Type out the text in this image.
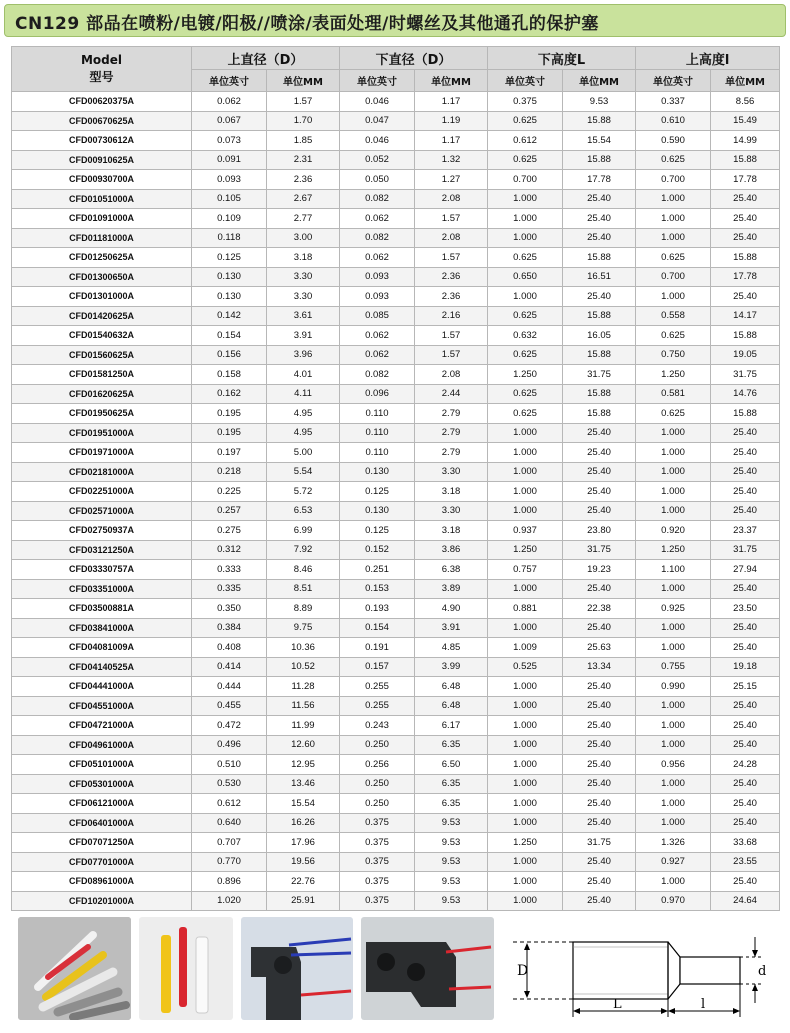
CN129 部品在喷粉/电镀/阳极//喷涂/表面处理/时螺丝及其他通孔的保护塞
Model
型号	上直径（D）		下直径（D）		下高度L		上高度l	
	单位英寸	单位MM	单位英寸	单位MM	单位英寸	单位MM	单位英寸	单位MM
CFD00620375A	0.062	1.57	0.046	1.17	0.375	9.53	0.337	8.56
CFD00670625A	0.067	1.70	0.047	1.19	0.625	15.88	0.610	15.49
CFD00730612A	0.073	1.85	0.046	1.17	0.612	15.54	0.590	14.99
CFD00910625A	0.091	2.31	0.052	1.32	0.625	15.88	0.625	15.88
CFD00930700A	0.093	2.36	0.050	1.27	0.700	17.78	0.700	17.78
CFD01051000A	0.105	2.67	0.082	2.08	1.000	25.40	1.000	25.40
CFD01091000A	0.109	2.77	0.062	1.57	1.000	25.40	1.000	25.40
CFD01181000A	0.118	3.00	0.082	2.08	1.000	25.40	1.000	25.40
CFD01250625A	0.125	3.18	0.062	1.57	0.625	15.88	0.625	15.88
CFD01300650A	0.130	3.30	0.093	2.36	0.650	16.51	0.700	17.78
CFD01301000A	0.130	3.30	0.093	2.36	1.000	25.40	1.000	25.40
CFD01420625A	0.142	3.61	0.085	2.16	0.625	15.88	0.558	14.17
CFD01540632A	0.154	3.91	0.062	1.57	0.632	16.05	0.625	15.88
CFD01560625A	0.156	3.96	0.062	1.57	0.625	15.88	0.750	19.05
CFD01581250A	0.158	4.01	0.082	2.08	1.250	31.75	1.250	31.75
CFD01620625A	0.162	4.11	0.096	2.44	0.625	15.88	0.581	14.76
CFD01950625A	0.195	4.95	0.110	2.79	0.625	15.88	0.625	15.88
CFD01951000A	0.195	4.95	0.110	2.79	1.000	25.40	1.000	25.40
CFD01971000A	0.197	5.00	0.110	2.79	1.000	25.40	1.000	25.40
CFD02181000A	0.218	5.54	0.130	3.30	1.000	25.40	1.000	25.40
CFD02251000A	0.225	5.72	0.125	3.18	1.000	25.40	1.000	25.40
CFD02571000A	0.257	6.53	0.130	3.30	1.000	25.40	1.000	25.40
CFD02750937A	0.275	6.99	0.125	3.18	0.937	23.80	0.920	23.37
CFD03121250A	0.312	7.92	0.152	3.86	1.250	31.75	1.250	31.75
CFD03330757A	0.333	8.46	0.251	6.38	0.757	19.23	1.100	27.94
CFD03351000A	0.335	8.51	0.153	3.89	1.000	25.40	1.000	25.40
CFD03500881A	0.350	8.89	0.193	4.90	0.881	22.38	0.925	23.50
CFD03841000A	0.384	9.75	0.154	3.91	1.000	25.40	1.000	25.40
CFD04081009A	0.408	10.36	0.191	4.85	1.009	25.63	1.000	25.40
CFD04140525A	0.414	10.52	0.157	3.99	0.525	13.34	0.755	19.18
CFD04441000A	0.444	11.28	0.255	6.48	1.000	25.40	0.990	25.15
CFD04551000A	0.455	11.56	0.255	6.48	1.000	25.40	1.000	25.40
CFD04721000A	0.472	11.99	0.243	6.17	1.000	25.40	1.000	25.40
CFD04961000A	0.496	12.60	0.250	6.35	1.000	25.40	1.000	25.40
CFD05101000A	0.510	12.95	0.256	6.50	1.000	25.40	0.956	24.28
CFD05301000A	0.530	13.46	0.250	6.35	1.000	25.40	1.000	25.40
CFD06121000A	0.612	15.54	0.250	6.35	1.000	25.40	1.000	25.40
CFD06401000A	0.640	16.26	0.375	9.53	1.000	25.40	1.000	25.40
CFD07071250A	0.707	17.96	0.375	9.53	1.250	31.75	1.326	33.68
CFD07701000A	0.770	19.56	0.375	9.53	1.000	25.40	0.927	23.55
CFD08961000A	0.896	22.76	0.375	9.53	1.000	25.40	1.000	25.40
CFD10201000A	1.020	25.91	0.375	9.53	1.000	25.40	0.970	24.64
D	d
L	l
